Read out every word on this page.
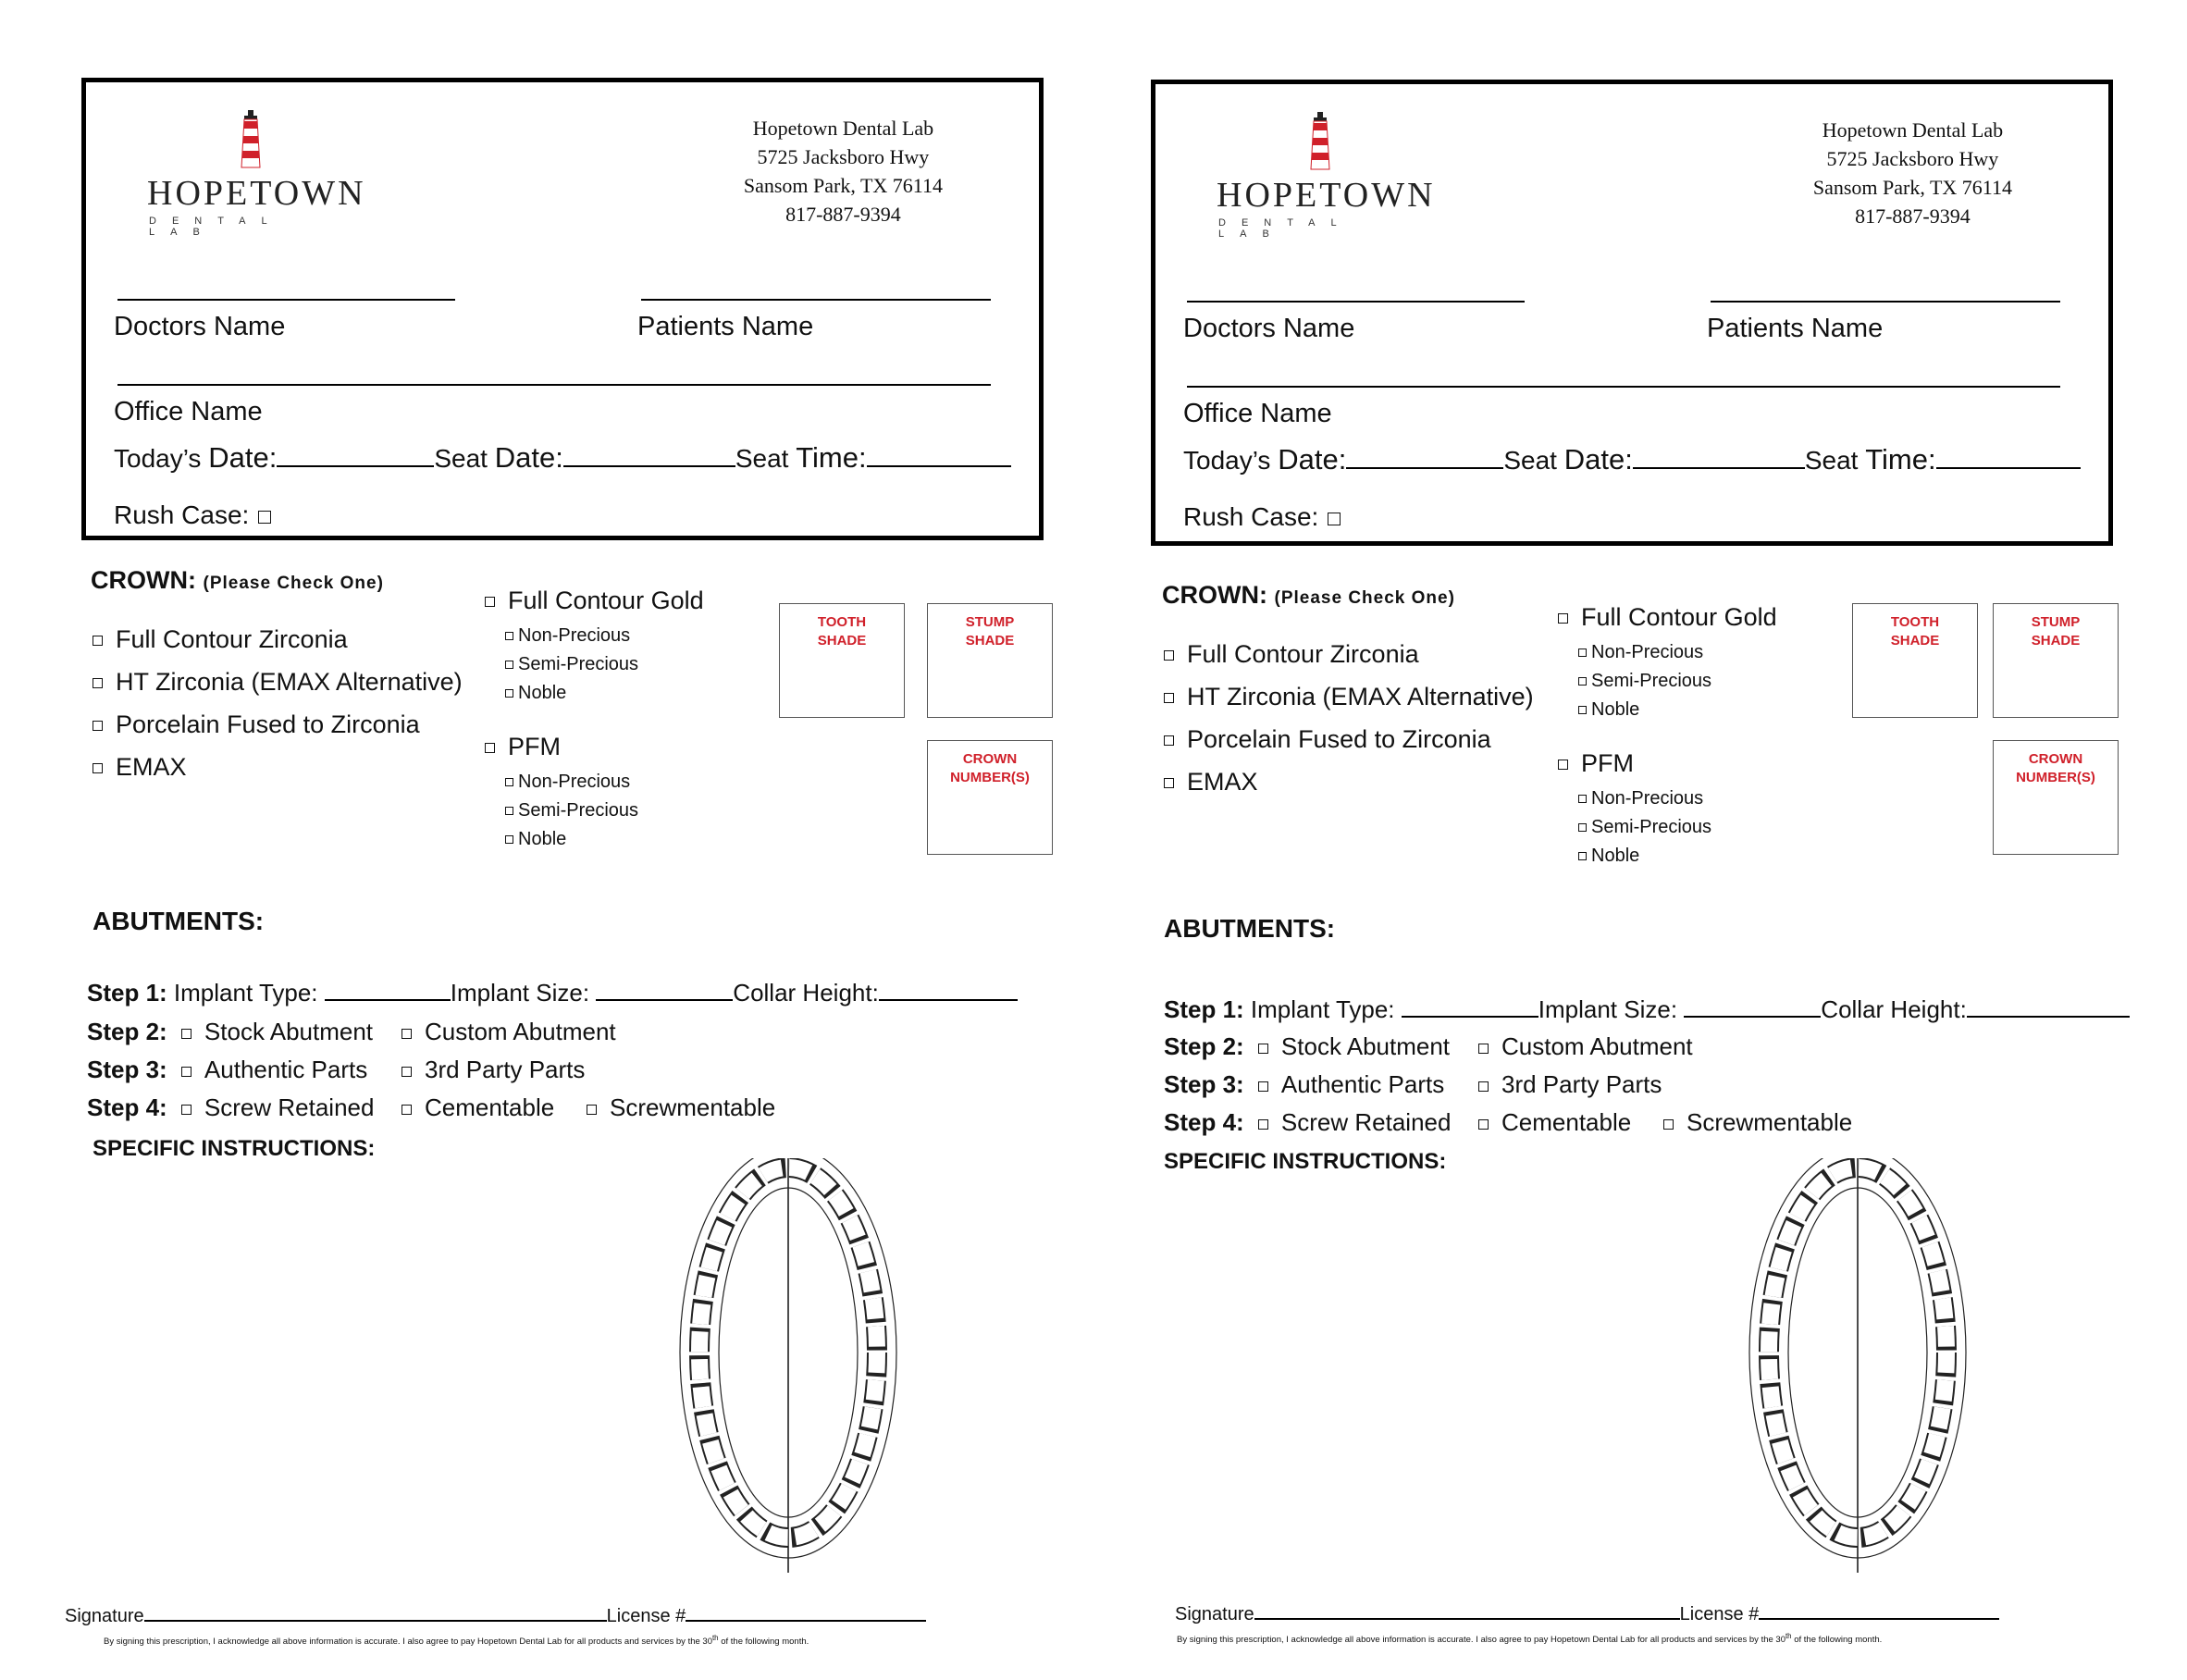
HOPETOWN
DENTAL LAB
Hopetown Dental Lab
5725 Jacksboro Hwy
Sansom Park, TX 76114
817-887-9394
Doctors Name	Patients Name
Office Name
Today’s Date:	Seat Date:	Seat Time:
Rush Case:
CROWN: (Please Check One)
Full Contour Zirconia
HT Zirconia (EMAX Alternative)
Porcelain Fused to Zirconia
EMAX
Full Contour Gold
Non-Precious
Semi-Precious
Noble
PFM
Non-Precious
Semi-Precious
Noble
TOOTH
SHADE
STUMP
SHADE
CROWN
NUMBER(S)
ABUTMENTS:
Step 1: Implant Type:	Implant Size:	Collar Height:
Step 2: Stock Abutment	Custom Abutment
Step 3: Authentic Parts	3rd Party Parts
Step 4: Screw Retained	Cementable	Screwmentable
SPECIFIC INSTRUCTIONS:
Signature	License #
By signing this prescription, I acknowledge all above information is accurate. I also agree to pay Hopetown Dental Lab for all products and services by the 30th of the following month.
HOPETOWN
DENTAL LAB
Hopetown Dental Lab
5725 Jacksboro Hwy
Sansom Park, TX 76114
817-887-9394
Doctors Name	Patients Name
Office Name
Today’s Date:	Seat Date:	Seat Time:
Rush Case:
CROWN: (Please Check One)
Full Contour Zirconia
HT Zirconia (EMAX Alternative)
Porcelain Fused to Zirconia
EMAX
Full Contour Gold
Non-Precious
Semi-Precious
Noble
PFM
Non-Precious
Semi-Precious
Noble
TOOTH
SHADE
STUMP
SHADE
CROWN
NUMBER(S)
ABUTMENTS:
Step 1: Implant Type:	Implant Size:	Collar Height:
Step 2: Stock Abutment	Custom Abutment
Step 3: Authentic Parts	3rd Party Parts
Step 4: Screw Retained	Cementable	Screwmentable
SPECIFIC INSTRUCTIONS:
Signature	License #
By signing this prescription, I acknowledge all above information is accurate. I also agree to pay Hopetown Dental Lab for all products and services by the 30th of the following month.
